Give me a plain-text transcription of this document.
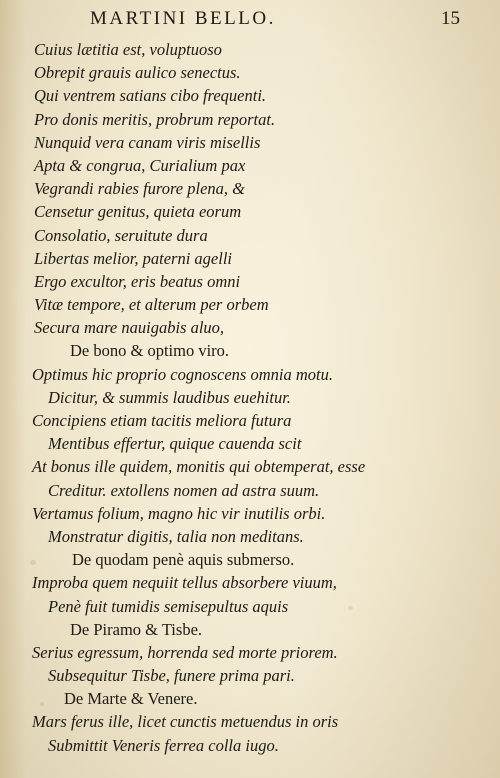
MARTINI BELLO.	15
Cuius lætitia est, voluptuoso
Obrepit grauis aulico senectus.
Qui ventrem satians cibo frequenti.
Pro donis meritis, probrum reportat.
Nunquid vera canam viris misellis
Apta & congrua, Curialium pax
Vegrandi rabies furore plena, &
Censetur genitus, quieta eorum
Consolatio, seruitute dura
Libertas melior, paterni agelli
Ergo excultor, eris beatus omni
Vitæ tempore, et alterum per orbem
Secura mare nauigabis aluo,
De bono & optimo viro.
Optimus hic proprio cognoscens omnia motu.
Dicitur, & summis laudibus euehitur.
Concipiens etiam tacitis meliora futura
Mentibus effertur, quique cauenda scit
At bonus ille quidem, monitis qui obtemperat, esse
Creditur. extollens nomen ad astra suum.
Vertamus folium, magno hic vir inutilis orbi.
Monstratur digitis, talia non meditans.
De quodam penè aquis submerso.
Improba quem nequiit tellus absorbere viuum,
Penè fuit tumidis semisepultus aquis
De Piramo & Tisbe.
Serius egressum, horrenda sed morte priorem.
Subsequitur Tisbe, funere prima pari.
De Marte & Venere.
Mars ferus ille, licet cunctis metuendus in oris
Submittit Veneris ferrea colla iugo.
